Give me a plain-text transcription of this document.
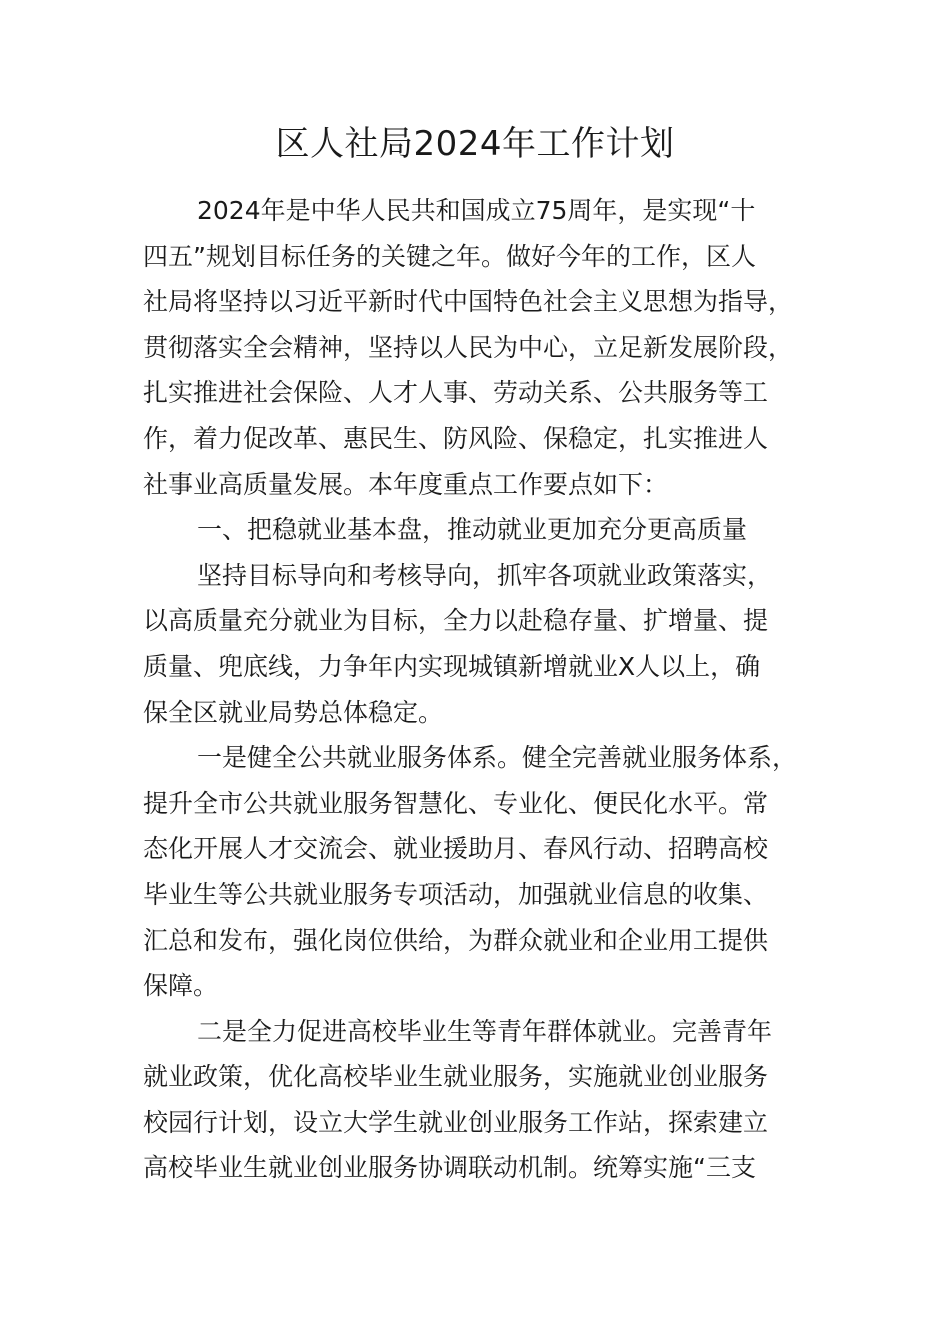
区人社局2024年工作计划
2024年是中华人民共和国成立75周年，是实现“十
四五”规划目标任务的关键之年。做好今年的工作，区人
社局将坚持以习近平新时代中国特色社会主义思想为指导，
贯彻落实全会精神，坚持以人民为中心，立足新发展阶段，
扎实推进社会保险、人才人事、劳动关系、公共服务等工
作，着力促改革、惠民生、防风险、保稳定，扎实推进人
社事业高质量发展。本年度重点工作要点如下：
一、把稳就业基本盘，推动就业更加充分更高质量
坚持目标导向和考核导向，抓牢各项就业政策落实，
以高质量充分就业为目标，全力以赴稳存量、扩增量、提
质量、兜底线，力争年内实现城镇新增就业X人以上，确
保全区就业局势总体稳定。
一是健全公共就业服务体系。健全完善就业服务体系，
提升全市公共就业服务智慧化、专业化、便民化水平。常
态化开展人才交流会、就业援助月、春风行动、招聘高校
毕业生等公共就业服务专项活动，加强就业信息的收集、
汇总和发布，强化岗位供给，为群众就业和企业用工提供
保障。
二是全力促进高校毕业生等青年群体就业。完善青年
就业政策，优化高校毕业生就业服务，实施就业创业服务
校园行计划，设立大学生就业创业服务工作站，探索建立
高校毕业生就业创业服务协调联动机制。统筹实施“三支
